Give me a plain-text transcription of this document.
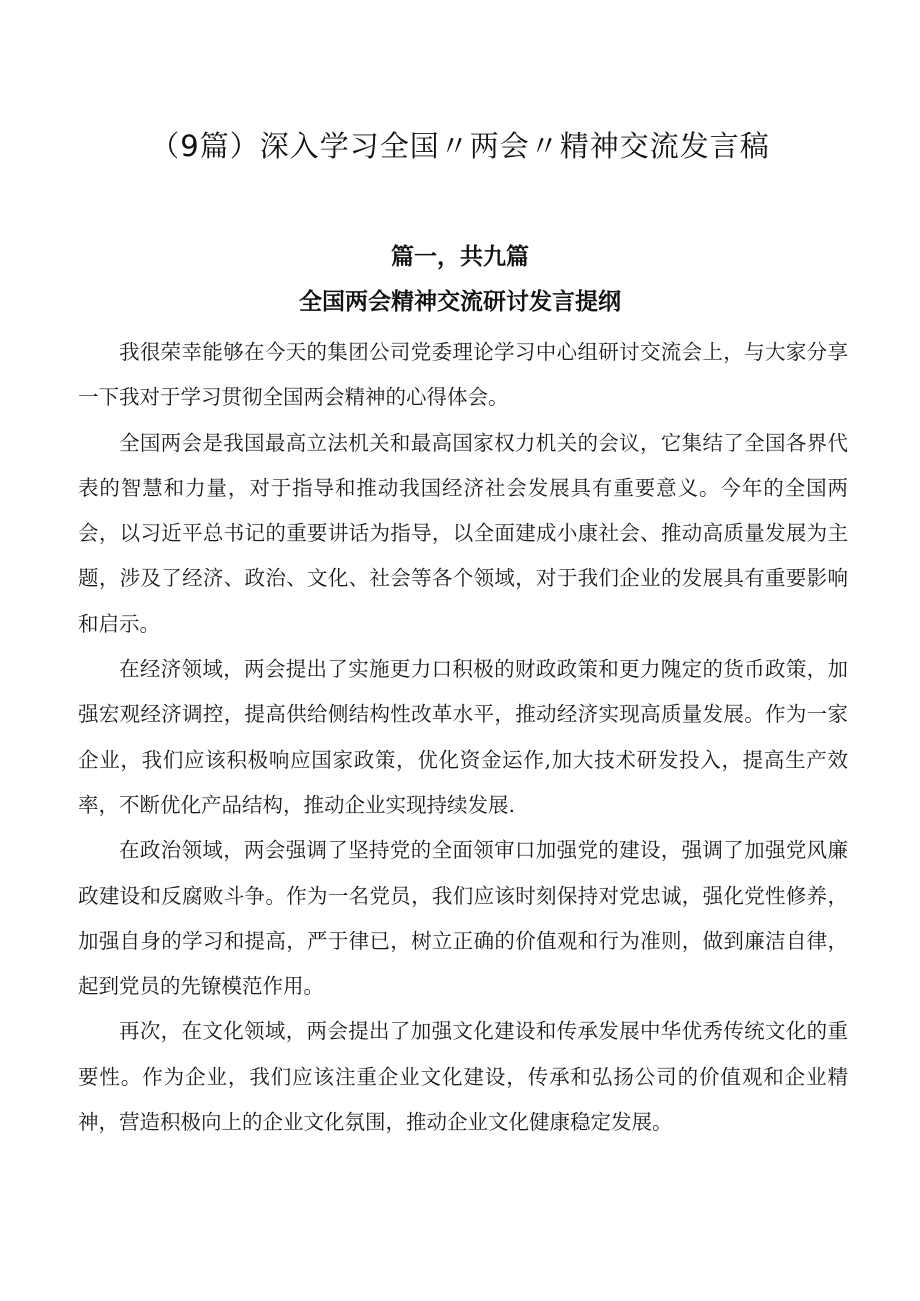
（9篇）深入学习全国〃两会〃精神交流发言稿
篇一，共九篇
全国两会精神交流研讨发言提纲

我很荣幸能够在今天的集团公司党委理论学习中心组研讨交流会上，与大家分享一下我对于学习贯彻全国两会精神的心得体会。

全国两会是我国最高立法机关和最高国家权力机关的会议，它集结了全国各界代表的智慧和力量，对于指导和推动我国经济社会发展具有重要意义。今年的全国两会，以习近平总书记的重要讲话为指导，以全面建成小康社会、推动高质量发展为主题，涉及了经济、政治、文化、社会等各个领域，对于我们企业的发展具有重要影响和启示。

在经济领域，两会提出了实施更力口积极的财政政策和更力隗定的货币政策，加强宏观经济调控，提高供给侧结构性改革水平，推动经济实现高质量发展。作为一家企业，我们应该积极响应国家政策，优化资金运作,加大技术研发投入，提高生产效率，不断优化产品结构，推动企业实现持续发展.

在政治领域，两会强调了坚持党的全面领审口加强党的建设，强调了加强党风廉政建设和反腐败斗争。作为一名党员，我们应该时刻保持对党忠诚，强化党性修养，加强自身的学习和提高，严于律已，树立正确的价值观和行为准则，做到廉洁自律，起到党员的先镣模范作用。

再次，在文化领域，两会提出了加强文化建设和传承发展中华优秀传统文化的重要性。作为企业，我们应该注重企业文化建设，传承和弘扬公司的价值观和企业精神，营造积极向上的企业文化氛围，推动企业文化健康稳定发展。
